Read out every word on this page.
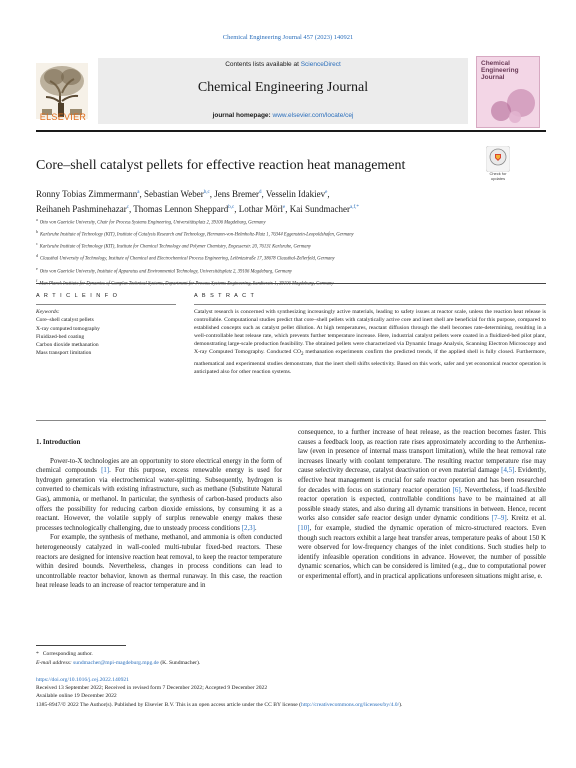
Chemical Engineering Journal 457 (2023) 140921
ELSEVIER
Contents lists available at ScienceDirect
Chemical Engineering Journal
journal homepage: www.elsevier.com/locate/cej
Chemical
Engineering
Journal
Core–shell catalyst pellets for effective reaction heat management
Check for
updates
Ronny Tobias Zimmermann$^a$, Sebastian Weber$^{b,c}$, Jens Bremer$^d$, Vesselin Idakiev$^e$,
Reihaneh Pashminehazar$^c$, Thomas Lennon Sheppard$^{b,c}$, Lothar Mörl$^e$, Kai Sundmacher$^{a,f,*}$
$^a$Otto von Guericke University, Chair for Process Systems Engineering, Universitätsplatz 2, 39106 Magdeburg, Germany
$^b$Karlsruhe Institute of Technology (KIT), Institute of Catalysis Research and Technology, Hermann-von-Helmholtz-Platz 1, 76344 Eggenstein-Leopoldshafen, Germany
$^c$Karlsruhe Institute of Technology (KIT), Institute for Chemical Technology and Polymer Chemistry, Engesserstr. 20, 76131 Karlsruhe, Germany
$^d$Clausthal University of Technology, Institute of Chemical and Electrochemical Process Engineering, Leibnizstraße 17, 38678 Clausthal-Zellerfeld, Germany
$^e$Otto von Guericke University, Institute of Apparatus and Environmental Technology, Universitätsplatz 2, 39106 Magdeburg, Germany
$^f$Max Planck Institute for Dynamics of Complex Technical Systems, Department for Process Systems Engineering, Sandtorstr. 1, 39106 Magdeburg, Germany
A R T I C L E I N F O	A B S T R A C T
Keywords:
Core–shell catalyst pellets
X-ray computed tomography
Fluidized-bed coating
Carbon dioxide methanation
Mass transport limitation
Catalyst research is concerned with synthesizing increasingly active materials, leading to safety issues at reactor scale, unless the reaction heat release is controllable. Computational studies predict that core–shell pellets with catalytically active core and inert shell are beneficial for this purpose, compared to established concepts such as catalyst pellet dilution. At high temperatures, reactant diffusion through the shell becomes rate-determining, resulting in a well-controllable heat release rate, which prevents further temperature increase. Here, industrial catalyst pellets were coated in a fluidized-bed pilot plant, demonstrating large-scale production feasibility. The obtained pellets were characterized via Dynamic Image Analysis, Scanning Electron Microscopy and X-ray Computed Tomography. Conducted $CO_2$ methanation experiments confirm the predicted trends, if the applied shell is fully closed. Furthermore, mathematical and experimental studies demonstrate, that the inert shell shifts selectivity. Based on this work, safer and yet economical reactor operation is anticipated also for other reaction systems.
1. Introduction

Power-to-X technologies are an opportunity to store electrical energy in the form of chemical compounds [1]. For this purpose, excess renewable energy is used for hydrogen generation via electrochemical water-splitting. Subsequently, hydrogen is converted to chemicals with existing infrastructure, such as methane (Substitute Natural Gas), ammonia, or methanol. In particular, the synthesis of carbon-based products also offers the possibility for reducing carbon dioxide emissions, by consuming it as a reactant. However, the volatile supply of surplus renewable energy makes these processes technologically challenging, due to unsteady process conditions [2,3].

For example, the synthesis of methane, methanol, and ammonia is often conducted heterogeneously catalyzed in wall-cooled multi-tubular fixed-bed reactors. These reactors are designed for intensive reaction heat removal, to keep the reactor temperature within desired bounds. Nevertheless, changes in process conditions can lead to uncontrollable reactor behavior, known as thermal runaway. In this case, the reaction heat release leads to an increase of reactor temperature and in

consequence, to a further increase of heat release, as the reaction becomes faster. This causes a feedback loop, as reaction rate rises approximately according to the Arrhenius-law (even in presence of internal mass transport limitation), while the heat removal rate increases linearly with coolant temperature. The resulting reactor temperature rise may cause selectivity decrease, catalyst deactivation or even material damage [4,5]. Evidently, effective heat management is crucial for safe reactor operation and has been researched for decades with focus on stationary reactor operation [6]. Nevertheless, if load-flexible reactor operation is expected, controllable conditions have to be maintained at all possible steady states, and also during all dynamic transitions in between. Hence, recent works also consider safe reactor design under dynamic conditions [7–9]. Kreitz et al. [10], for example, studied the dynamic operation of micro-structured reactors. Even though such reactors exhibit a large heat transfer areas, temperature peaks of about 150 K were observed for low-frequency changes of the inlet conditions. Such studies help to identify infeasible operation conditions in advance. However, the number of possible dynamic scenarios, which can be considered is limited (e.g., due to computational power or experimental effort), and in practical applications unforeseen situations might arise, e.

* Corresponding author.
E-mail address: sundmacher@mpi-magdeburg.mpg.de (K. Sundmacher).
https://doi.org/10.1016/j.cej.2022.140921
Received 13 September 2022; Received in revised form 7 December 2022; Accepted 9 December 2022
Available online 19 December 2022
1385-8947/© 2022 The Author(s). Published by Elsevier B.V. This is an open access article under the CC BY license (http://creativecommons.org/licenses/by/4.0/).
